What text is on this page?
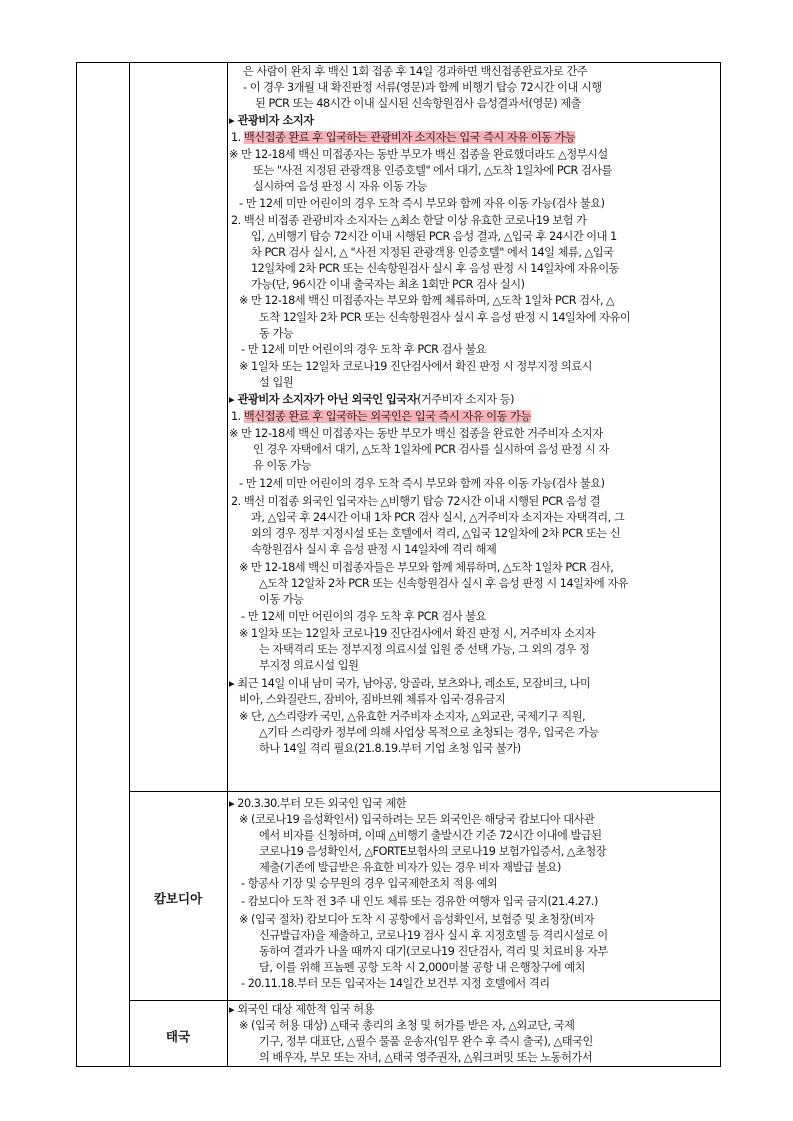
캄보디아
태국
은 사람이 완치 후 백신 1회 접종 후 14일 경과하면 백신접종완료자로 간주
- 이 경우 3개월 내 확진판정 서류(영문)과 함께 비행기 탑승 72시간 이내 시행
된 PCR 또는 48시간 이내 실시된 신속항원검사 음성결과서(영문) 제출
▸ 관광비자 소지자
1. 백신접종 완료 후 입국하는 관광비자 소지자는 입국 즉시 자유 이동 가능
※ 만 12-18세 백신 미접종자는 동반 부모가 백신 접종을 완료했더라도 △정부시설
또는 "사전 지정된 관광객용 인증호텔" 에서 대기, △도착 1일차에 PCR 검사를
실시하여 음성 판정 시 자유 이동 가능
- 만 12세 미만 어린이의 경우 도착 즉시 부모와 함께 자유 이동 가능(검사 불요)
2. 백신 비접종 관광비자 소지자는 △최소 한달 이상 유효한 코로나19 보험 가
입, △비행기 탑승 72시간 이내 시행된 PCR 음성 결과, △입국 후 24시간 이내 1
차 PCR 검사 실시, △ "사전 지정된 관광객용 인증호텔" 에서 14일 체류, △입국
12일차에 2차 PCR 또는 신속항원검사 실시 후 음성 판정 시 14일차에 자유이동
가능(단, 96시간 이내 출국자는 최초 1회만 PCR 검사 실시)
※ 만 12-18세 백신 미접종자는 부모와 함께 체류하며, △도착 1일차 PCR 검사, △
도착 12일차 2차 PCR 또는 신속항원검사 실시 후 음성 판정 시 14일차에 자유이
동 가능
- 만 12세 미만 어린이의 경우 도착 후 PCR 검사 불요
※ 1일차 또는 12일차 코로나19 진단검사에서 확진 판정 시 정부지정 의료시
설 입원
▸ 관광비자 소지자가 아닌 외국인 입국자(거주비자 소지자 등)
1. 백신접종 완료 후 입국하는 외국인은 입국 즉시 자유 이동 가능
※ 만 12-18세 백신 미접종자는 동반 부모가 백신 접종을 완료한 거주비자 소지자
인 경우 자택에서 대기, △도착 1일차에 PCR 검사를 실시하여 음성 판정 시 자
유 이동 가능
- 만 12세 미만 어린이의 경우 도착 즉시 부모와 함께 자유 이동 가능(검사 불요)
2. 백신 미접종 외국인 입국자는 △비행기 탑승 72시간 이내 시행된 PCR 음성 결
과, △입국 후 24시간 이내 1차 PCR 검사 실시, △거주비자 소지자는 자택격리, 그
외의 경우 정부 지정시설 또는 호텔에서 격리, △입국 12일차에 2차 PCR 또는 신
속항원검사 실시 후 음성 판정 시 14일차에 격리 해제
※ 만 12-18세 백신 미접종자들은 부모와 함께 체류하며, △도착 1일차 PCR 검사,
△도착 12일차 2차 PCR 또는 신속항원검사 실시 후 음성 판정 시 14일차에 자유
이동 가능
- 만 12세 미만 어린이의 경우 도착 후 PCR 검사 불요
※ 1일차 또는 12일차 코로나19 진단검사에서 확진 판정 시, 거주비자 소지자
는 자택격리 또는 정부지정 의료시설 입원 중 선택 가능, 그 외의 경우 정
부지정 의료시설 입원
▸ 최근 14일 이내 남미 국가, 남아공, 앙골라, 보츠와나, 레소토, 모잠비크, 나미
비아, 스와질란드, 잠비아, 짐바브웨 체류자 입국·경유금지
※ 단, △스리랑카 국민, △유효한 거주비자 소지자, △외교관, 국제기구 직원,
△기타 스리랑카 정부에 의해 사업상 목적으로 초청되는 경우, 입국은 가능
하나 14일 격리 필요(21.8.19.부터 기업 초청 입국 불가)
▸ 20.3.30.부터 모든 외국인 입국 제한
※ (코로나19 음성확인서) 입국하려는 모든 외국인은 해당국 캄보디아 대사관
에서 비자를 신청하며, 이때 △비행기 출발시간 기준 72시간 이내에 발급된
코로나19 음성확인서, △FORTE보험사의 코로나19 보험가입증서, △초청장
제출(기존에 발급받은 유효한 비자가 있는 경우 비자 재발급 불요)
- 항공사 기장 및 승무원의 경우 입국제한조치 적용 예외
- 캄보디아 도착 전 3주 내 인도 체류 또는 경유한 여행자 입국 금지(21.4.27.)
※ (입국 절차) 캄보디아 도착 시 공항에서 음성확인서, 보험증 및 초청장(비자
신규발급자)을 제출하고, 코로나19 검사 실시 후 지정호텔 등 격리시설로 이
동하여 결과가 나올 때까지 대기(코로나19 진단검사, 격리 및 치료비용 자부
담, 이를 위해 프놈펜 공항 도착 시 2,000미불 공항 내 은행창구에 예치
- 20.11.18.부터 모든 입국자는 14일간 보건부 지정 호텔에서 격리
▸ 외국인 대상 제한적 입국 허용
※ (입국 허용 대상) △태국 총리의 초청 및 허가를 받은 자, △외교단, 국제
기구, 정부 대표단, △필수 물품 운송자(임무 완수 후 즉시 출국), △태국인
의 배우자, 부모 또는 자녀, △태국 영주권자, △워크퍼밋 또는 노동허가서
